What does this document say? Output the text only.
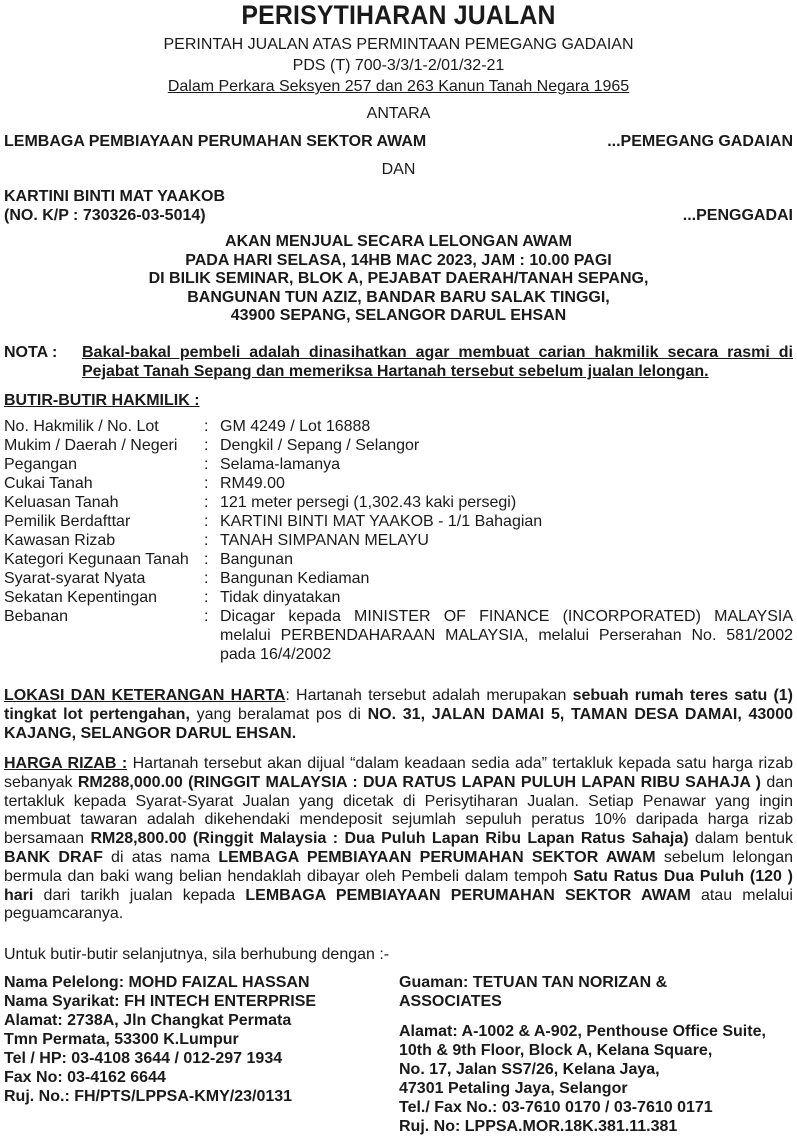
PERISYTIHARAN JUALAN
PERINTAH JUALAN ATAS PERMINTAAN PEMEGANG GADAIAN
PDS (T) 700-3/3/1-2/01/32-21
Dalam Perkara Seksyen 257 dan 263 Kanun Tanah Negara 1965
ANTARA
LEMBAGA PEMBIAYAAN PERUMAHAN SEKTOR AWAM	...PEMEGANG GADAIAN
DAN
KARTINI BINTI MAT YAAKOB
(NO. K/P : 730326-03-5014)	...PENGGADAI
AKAN MENJUAL SECARA LELONGAN AWAM
PADA HARI SELASA, 14HB MAC 2023, JAM : 10.00 PAGI
DI BILIK SEMINAR, BLOK A, PEJABAT DAERAH/TANAH SEPANG,
BANGUNAN TUN AZIZ, BANDAR BARU SALAK TINGGI,
43900 SEPANG, SELANGOR DARUL EHSAN
NOTA :	Bakal-bakal pembeli adalah dinasihatkan agar membuat carian hakmilik secara rasmi di Pejabat Tanah Sepang dan memeriksa Hartanah tersebut sebelum jualan lelongan.
BUTIR-BUTIR HAKMILIK :
No. Hakmilik / No. Lot	: GM 4249 / Lot 16888
Mukim / Daerah / Negeri	: Dengkil / Sepang / Selangor
Pegangan	: Selama-lamanya
Cukai Tanah	: RM49.00
Keluasan Tanah	: 121 meter persegi (1,302.43 kaki persegi)
Pemilik Berdafttar	: KARTINI BINTI MAT YAAKOB - 1/1 Bahagian
Kawasan Rizab	: TANAH SIMPANAN MELAYU
Kategori Kegunaan Tanah : Bangunan
Syarat-syarat Nyata	: Bangunan Kediaman
Sekatan Kepentingan	: Tidak dinyatakan
Bebanan	: Dicagar kepada MINISTER OF FINANCE (INCORPORATED) MALAYSIA melalui PERBENDAHARAAN MALAYSIA, melalui Perserahan No. 581/2002 pada 16/4/2002
LOKASI DAN KETERANGAN HARTA: Hartanah tersebut adalah merupakan sebuah rumah teres satu (1) tingkat lot pertengahan, yang beralamat pos di NO. 31, JALAN DAMAI 5, TAMAN DESA DAMAI, 43000 KAJANG, SELANGOR DARUL EHSAN.
HARGA RIZAB : Hartanah tersebut akan dijual “dalam keadaan sedia ada” tertakluk kepada satu harga rizab sebanyak RM288,000.00 (RINGGIT MALAYSIA : DUA RATUS LAPAN PULUH LAPAN RIBU SAHAJA ) dan tertakluk kepada Syarat-Syarat Jualan yang dicetak di Perisytiharan Jualan. Setiap Penawar yang ingin membuat tawaran adalah dikehendaki mendeposit sejumlah sepuluh peratus 10% daripada harga rizab bersamaan RM28,800.00 (Ringgit Malaysia : Dua Puluh Lapan Ribu Lapan Ratus Sahaja) dalam bentuk BANK DRAF di atas nama LEMBAGA PEMBIAYAAN PERUMAHAN SEKTOR AWAM sebelum lelongan bermula dan baki wang belian hendaklah dibayar oleh Pembeli dalam tempoh Satu Ratus Dua Puluh (120 ) hari dari tarikh jualan kepada LEMBAGA PEMBIAYAAN PERUMAHAN SEKTOR AWAM atau melalui peguamcaranya.
Untuk butir-butir selanjutnya, sila berhubung dengan :-
Nama Pelelong: MOHD FAIZAL HASSAN
Nama Syarikat: FH INTECH ENTERPRISE
Alamat: 2738A, Jln Changkat Permata
Tmn Permata, 53300 K.Lumpur
Tel / HP: 03-4108 3644 / 012-297 1934
Fax No: 03-4162 6644
Ruj. No.: FH/PTS/LPPSA-KMY/23/0131
Guaman: TETUAN TAN NORIZAN &
ASSOCIATES
Alamat: A-1002 & A-902, Penthouse Office Suite,
10th & 9th Floor, Block A, Kelana Square,
No. 17, Jalan SS7/26, Kelana Jaya,
47301 Petaling Jaya, Selangor
Tel./ Fax No.: 03-7610 0170 / 03-7610 0171
Ruj. No: LPPSA.MOR.18K.381.11.381
